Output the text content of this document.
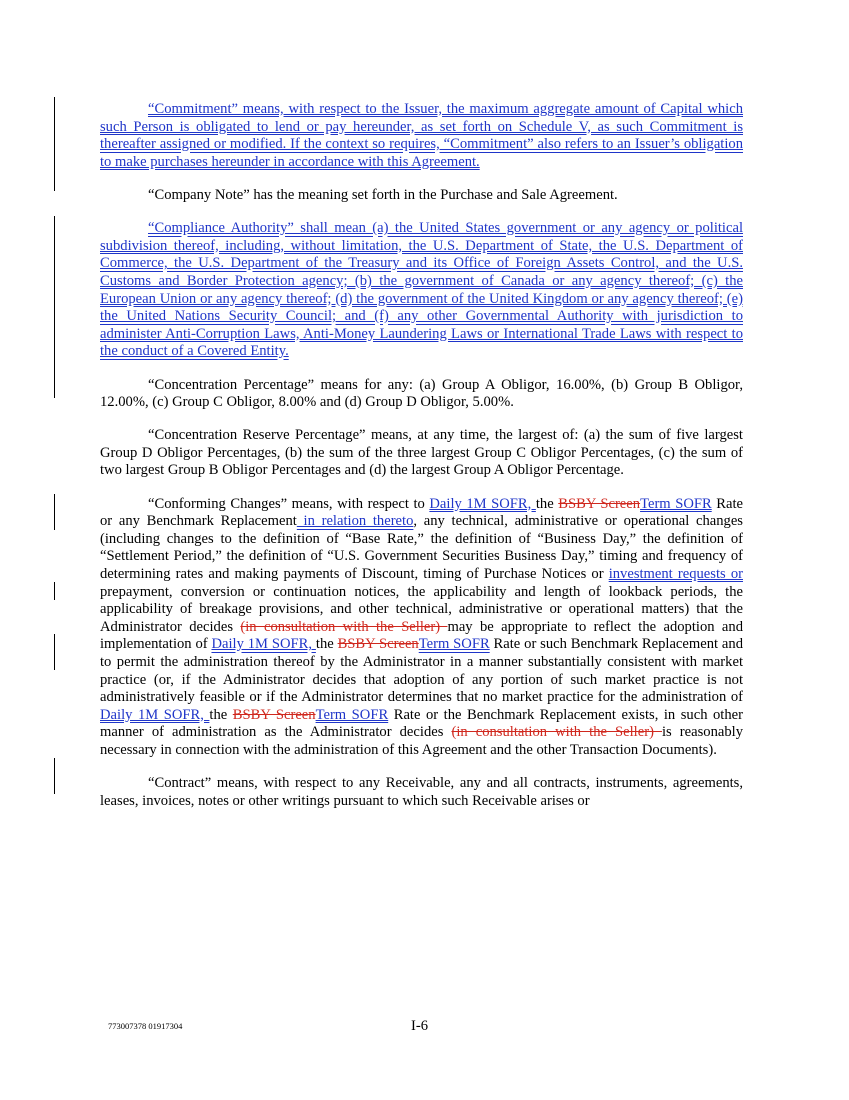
“Commitment” means, with respect to the Issuer, the maximum aggregate amount of Capital which such Person is obligated to lend or pay hereunder, as set forth on Schedule V, as such Commitment is thereafter assigned or modified. If the context so requires, “Commitment” also refers to an Issuer’s obligation to make purchases hereunder in accordance with this Agreement.

“Company Note” has the meaning set forth in the Purchase and Sale Agreement.

“Compliance Authority” shall mean (a) the United States government or any agency or political subdivision thereof, including, without limitation, the U.S. Department of State, the U.S. Department of Commerce, the U.S. Department of the Treasury and its Office of Foreign Assets Control, and the U.S. Customs and Border Protection agency; (b) the government of Canada or any agency thereof; (c) the European Union or any agency thereof; (d) the government of the United Kingdom or any agency thereof; (e) the United Nations Security Council; and (f) any other Governmental Authority with jurisdiction to administer Anti-Corruption Laws, Anti-Money Laundering Laws or International Trade Laws with respect to the conduct of a Covered Entity.

“Concentration Percentage” means for any: (a) Group A Obligor, 16.00%, (b) Group B Obligor, 12.00%, (c) Group C Obligor, 8.00% and (d) Group D Obligor, 5.00%.

“Concentration Reserve Percentage” means, at any time, the largest of: (a) the sum of five largest Group D Obligor Percentages, (b) the sum of the three largest Group C Obligor Percentages, (c) the sum of two largest Group B Obligor Percentages and (d) the largest Group A Obligor Percentage.

“Conforming Changes” means, with respect to Daily 1M SOFR, the BSBY ScreenTerm SOFR Rate or any Benchmark Replacement in relation thereto, any technical, administrative or operational changes (including changes to the definition of “Base Rate,” the definition of “Business Day,” the definition of “Settlement Period,” the definition of “U.S. Government Securities Business Day,” timing and frequency of determining rates and making payments of Discount, timing of Purchase Notices or investment requests or prepayment, conversion or continuation notices, the applicability and length of lookback periods, the applicability of breakage provisions, and other technical, administrative or operational matters) that the Administrator decides (in consultation with the Seller) may be appropriate to reflect the adoption and implementation of Daily 1M SOFR, the BSBY ScreenTerm SOFR Rate or such Benchmark Replacement and to permit the administration thereof by the Administrator in a manner substantially consistent with market practice (or, if the Administrator decides that adoption of any portion of such market practice is not administratively feasible or if the Administrator determines that no market practice for the administration of Daily 1M SOFR, the BSBY ScreenTerm SOFR Rate or the Benchmark Replacement exists, in such other manner of administration as the Administrator decides (in consultation with the Seller) is reasonably necessary in connection with the administration of this Agreement and the other Transaction Documents).

“Contract” means, with respect to any Receivable, any and all contracts, instruments, agreements, leases, invoices, notes or other writings pursuant to which such Receivable arises or

773007378 01917304	I-6
